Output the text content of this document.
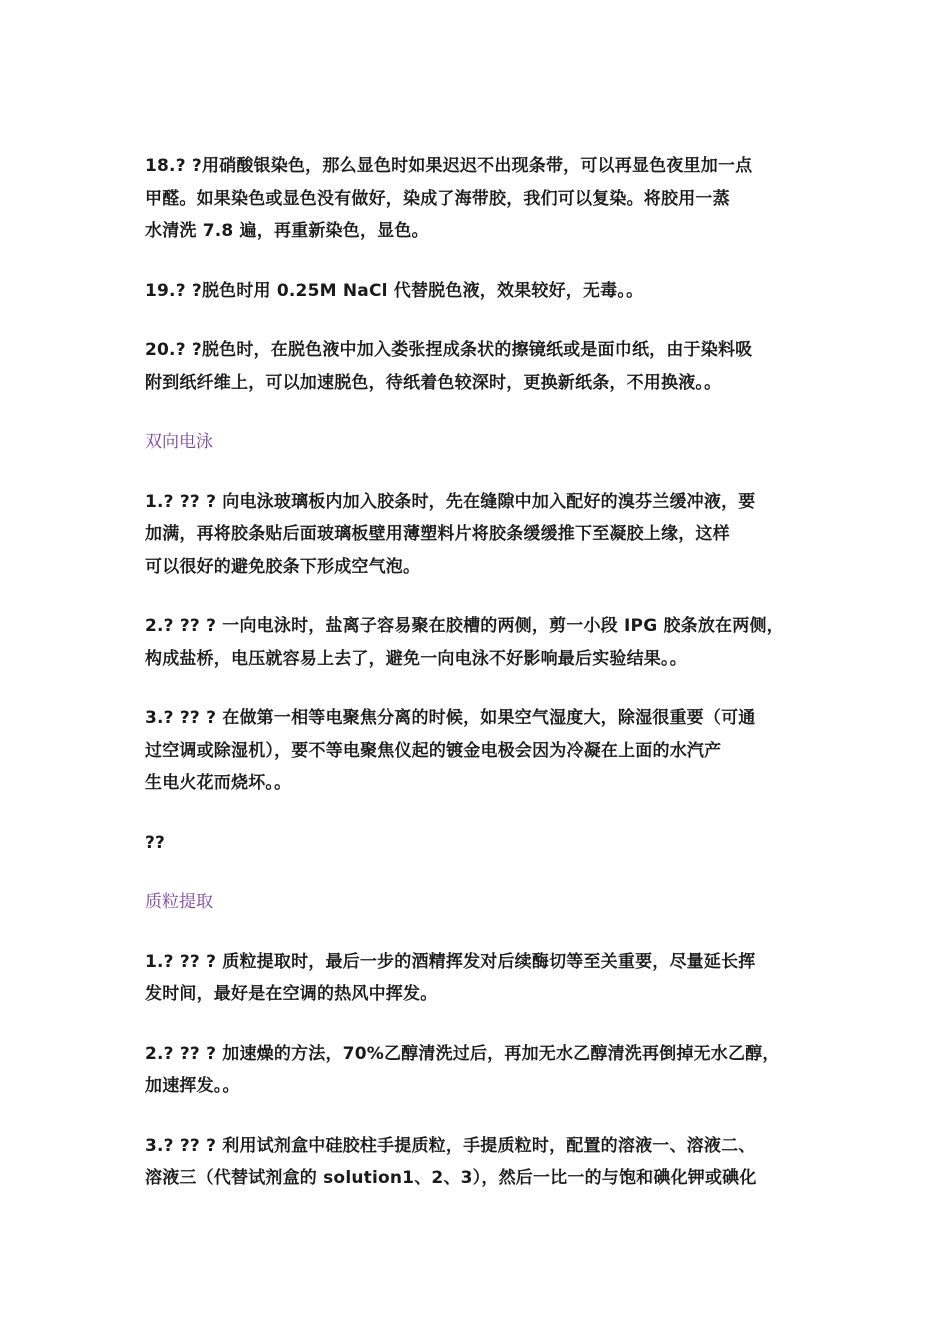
18.? ?用硝酸银染色，那么显色时如果迟迟不出现条带，可以再显色夜里加一点
甲醛。如果染色或显色没有做好，染成了海带胶，我们可以复染。将胶用一蒸
水清洗 7.8 遍，再重新染色，显色。
19.? ?脱色时用 0.25M NaCl 代替脱色液，效果较好，无毒。。
20.? ?脱色时，在脱色液中加入娄张捏成条状的擦镜纸或是面巾纸，由于染料吸
附到纸纤维上，可以加速脱色，待纸着色较深时，更换新纸条，不用换液。。
双向电泳
1.? ?? ? 向电泳玻璃板内加入胶条时，先在缝隙中加入配好的溴芬兰缓冲液，要
加满，再将胶条贴后面玻璃板壁用薄塑料片将胶条缓缓推下至凝胶上缘，这样
可以很好的避免胶条下形成空气泡。
2.? ?? ? 一向电泳时，盐离子容易聚在胶槽的两侧，剪一小段 IPG 胶条放在两侧，
构成盐桥，电压就容易上去了，避免一向电泳不好影响最后实验结果。。
3.? ?? ? 在做第一相等电聚焦分离的时候，如果空气湿度大，除湿很重要（可通
过空调或除湿机），要不等电聚焦仪起的镀金电极会因为冷凝在上面的水汽产
生电火花而烧坏。。
??
质粒提取
1.? ?? ? 质粒提取时，最后一步的酒精挥发对后续酶切等至关重要，尽量延长挥
发时间，最好是在空调的热风中挥发。
2.? ?? ? 加速燥的方法，70%乙醇清洗过后，再加无水乙醇清洗再倒掉无水乙醇，
加速挥发。。
3.? ?? ? 利用试剂盒中硅胶柱手提质粒，手提质粒时，配置的溶液一、溶液二、
溶液三（代替试剂盒的 solution1、2、3），然后一比一的与饱和碘化钾或碘化
